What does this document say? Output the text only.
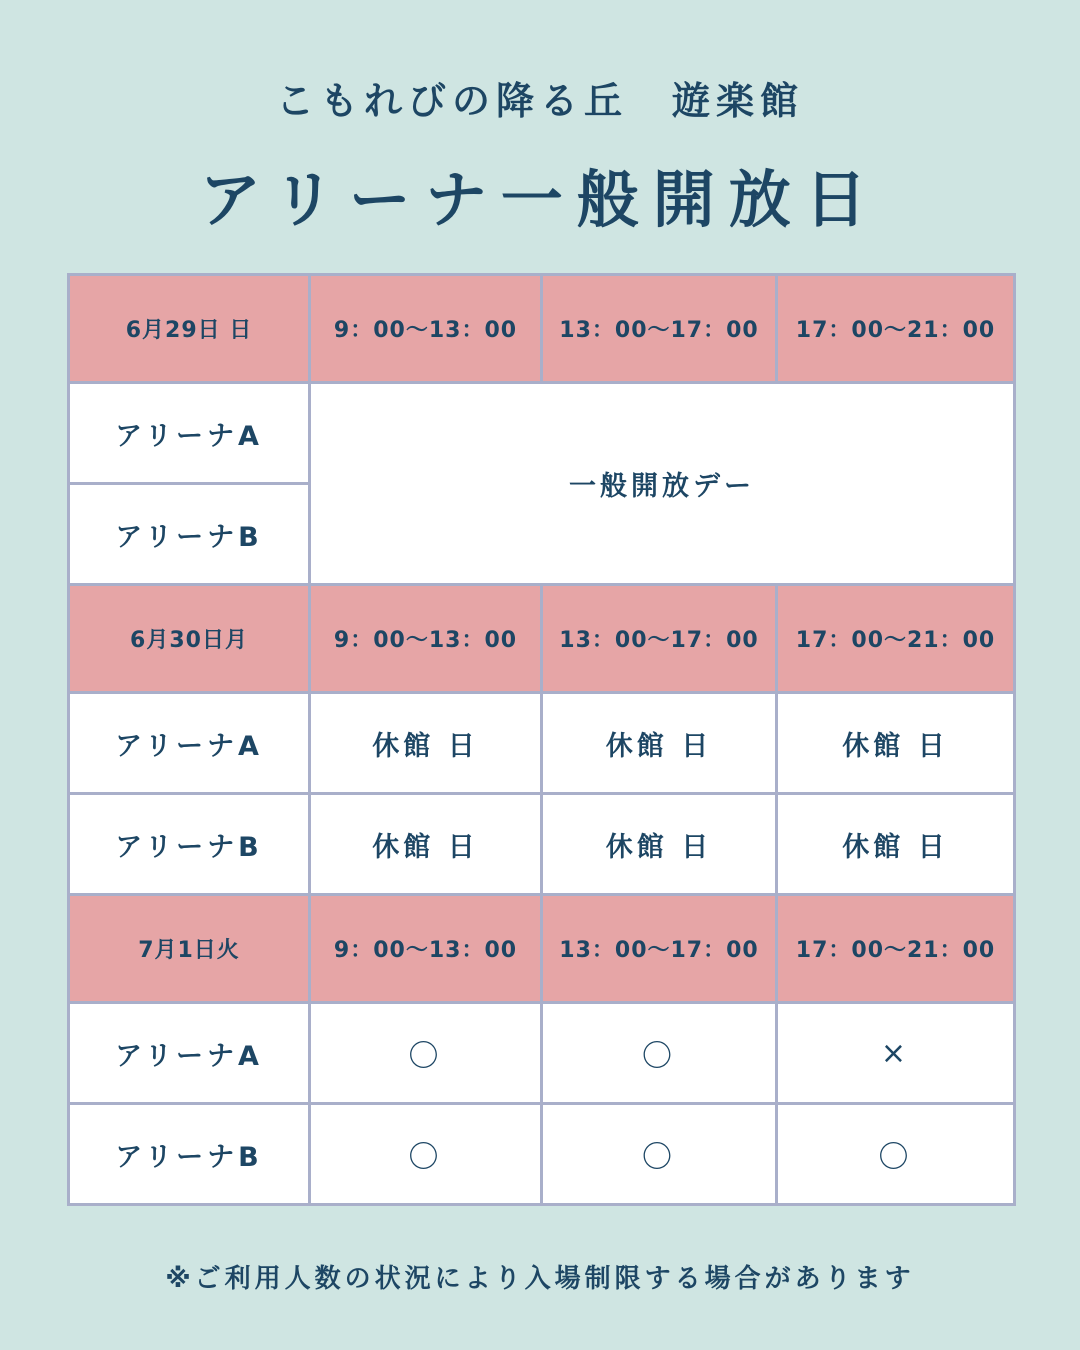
こもれびの降る丘　遊楽館
アリーナ一般開放日
6月29日 日	9：00～13：00	13：00～17：00	17：00～21：00
アリーナA	一般開放デー		
アリーナB			
6月30日月	9：00～13：00	13：00～17：00	17：00～21：00
アリーナA	休館 日	休館 日	休館 日
アリーナB	休館 日	休館 日	休館 日
7月1日火	9：00～13：00	13：00～17：00	17：00～21：00
アリーナA	〇	〇	×
アリーナB	〇	〇	〇
※ご利用人数の状況により入場制限する場合があります
